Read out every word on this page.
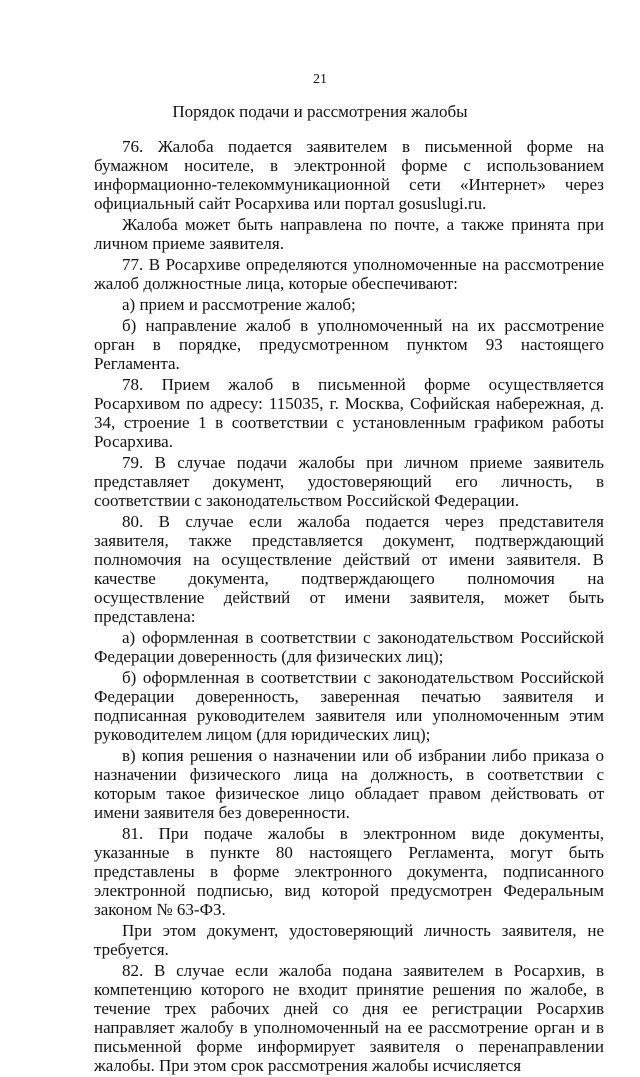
21
Порядок подачи и рассмотрения жалобы

76. Жалоба подается заявителем в письменной форме на бумажном носителе, в электронной форме с использованием информационно-телекоммуникационной сети «Интернет» через официальный сайт Росархива или портал gosuslugi.ru.

Жалоба может быть направлена по почте, а также принята при личном приеме заявителя.

77. В Росархиве определяются уполномоченные на рассмотрение жалоб должностные лица, которые обеспечивают:

а) прием и рассмотрение жалоб;

б) направление жалоб в уполномоченный на их рассмотрение орган в порядке, предусмотренном пунктом 93 настоящего Регламента.

78. Прием жалоб в письменной форме осуществляется Росархивом по адресу: 115035, г. Москва, Софийская набережная, д. 34, строение 1 в соответствии с установленным графиком работы Росархива.

79. В случае подачи жалобы при личном приеме заявитель представляет документ, удостоверяющий его личность, в соответствии с законодательством Российской Федерации.

80. В случае если жалоба подается через представителя заявителя, также представляется документ, подтверждающий полномочия на осуществление действий от имени заявителя. В качестве документа, подтверждающего полномочия на осуществление действий от имени заявителя, может быть представлена:

а) оформленная в соответствии с законодательством Российской Федерации доверенность (для физических лиц);

б) оформленная в соответствии с законодательством Российской Федерации доверенность, заверенная печатью заявителя и подписанная руководителем заявителя или уполномоченным этим руководителем лицом (для юридических лиц);

в) копия решения о назначении или об избрании либо приказа о назначении физического лица на должность, в соответствии с которым такое физическое лицо обладает правом действовать от имени заявителя без доверенности.

81. При подаче жалобы в электронном виде документы, указанные в пункте 80 настоящего Регламента, могут быть представлены в форме электронного документа, подписанного электронной подписью, вид которой предусмотрен Федеральным законом № 63-ФЗ.

При этом документ, удостоверяющий личность заявителя, не требуется.

82. В случае если жалоба подана заявителем в Росархив, в компетенцию которого не входит принятие решения по жалобе, в течение трех рабочих дней со дня ее регистрации Росархив направляет жалобу в уполномоченный на ее рассмотрение орган и в письменной форме информирует заявителя о перенаправлении жалобы. При этом срок рассмотрения жалобы исчисляется
